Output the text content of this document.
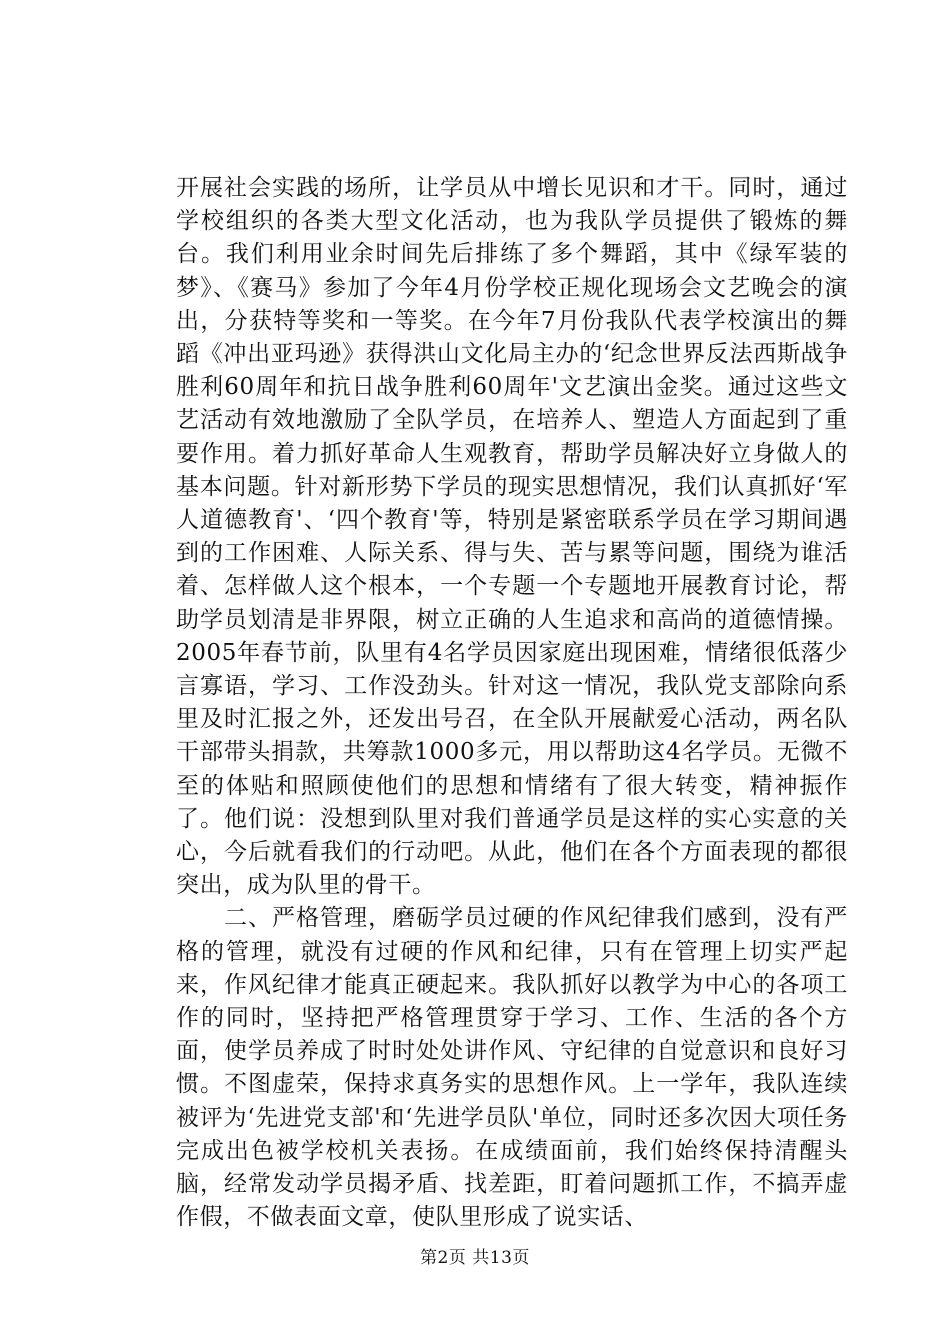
开展社会实践的场所，让学员从中增长见识和才干。同时，通过学校组织的各类大型文化活动，也为我队学员提供了锻炼的舞台。我们利用业余时间先后排练了多个舞蹈，其中《绿军装的梦》、《赛马》参加了今年4月份学校正规化现场会文艺晚会的演出，分获特等奖和一等奖。在今年7月份我队代表学校演出的舞蹈《冲出亚玛逊》获得洪山文化局主办的‘纪念世界反法西斯战争胜利60周年和抗日战争胜利60周年'文艺演出金奖。通过这些文艺活动有效地激励了全队学员，在培养人、塑造人方面起到了重要作用。着力抓好革命人生观教育，帮助学员解决好立身做人的基本问题。针对新形势下学员的现实思想情况，我们认真抓好‘军人道德教育'、‘四个教育'等，特别是紧密联系学员在学习期间遇到的工作困难、人际关系、得与失、苦与累等问题，围绕为谁活着、怎样做人这个根本，一个专题一个专题地开展教育讨论，帮助学员划清是非界限，树立正确的人生追求和高尚的道德情操。2005年春节前，队里有4名学员因家庭出现困难，情绪很低落少言寡语，学习、工作没劲头。针对这一情况，我队党支部除向系里及时汇报之外，还发出号召，在全队开展献爱心活动，两名队干部带头捐款，共筹款1000多元，用以帮助这4名学员。无微不至的体贴和照顾使他们的思想和情绪有了很大转变，精神振作了。他们说：没想到队里对我们普通学员是这样的实心实意的关心，今后就看我们的行动吧。从此，他们在各个方面表现的都很突出，成为队里的骨干。

二、严格管理，磨砺学员过硬的作风纪律我们感到，没有严格的管理，就没有过硬的作风和纪律，只有在管理上切实严起来，作风纪律才能真正硬起来。我队抓好以教学为中心的各项工作的同时，坚持把严格管理贯穿于学习、工作、生活的各个方面，使学员养成了时时处处讲作风、守纪律的自觉意识和良好习惯。不图虚荣，保持求真务实的思想作风。上一学年，我队连续被评为‘先进党支部'和‘先进学员队'单位，同时还多次因大项任务完成出色被学校机关表扬。在成绩面前，我们始终保持清醒头脑，经常发动学员揭矛盾、找差距，盯着问题抓工作，不搞弄虚作假，不做表面文章，使队里形成了说实话、

第2页 共13页
